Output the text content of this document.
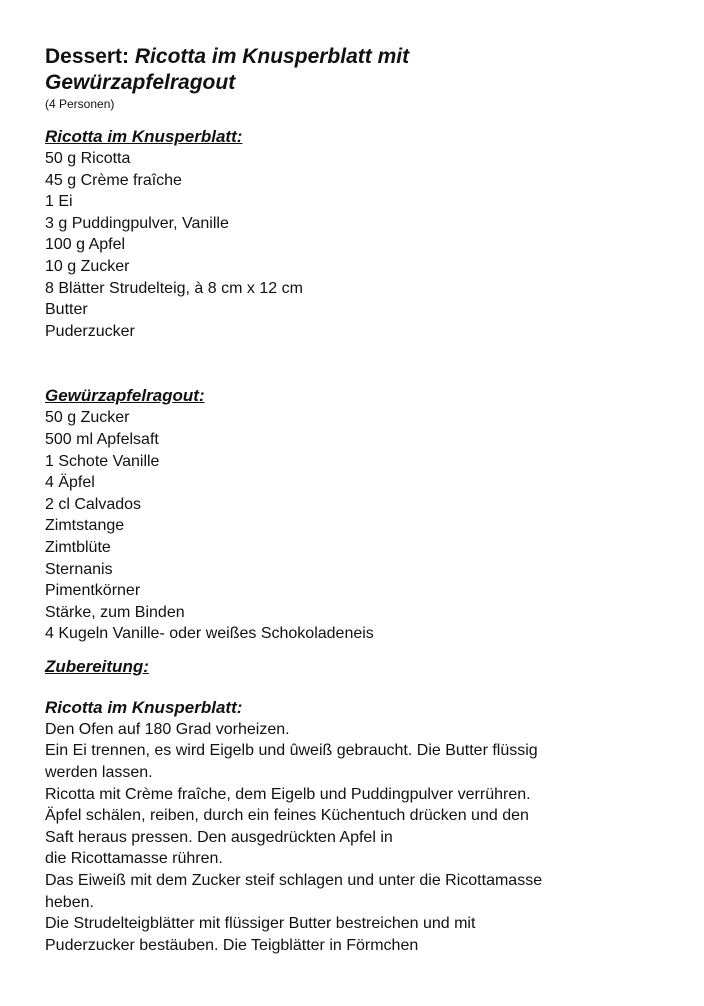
Dessert: Ricotta im Knusperblatt mit
Gewürzapfelragout
(4 Personen)
Ricotta im Knusperblatt:
50 g Ricotta
45 g Crème fraîche
1 Ei
3 g Puddingpulver, Vanille
100 g Apfel
10 g Zucker
8 Blätter Strudelteig, à 8 cm x 12 cm
Butter
Puderzucker
Gewürzapfelragout:
50 g Zucker
500 ml Apfelsaft
1 Schote Vanille
4 Äpfel
2 cl Calvados
Zimtstange
Zimtblüte
Sternanis
Pimentkörner
Stärke, zum Binden
4 Kugeln Vanille- oder weißes Schokoladeneis
Zubereitung:
Ricotta im Knusperblatt:

Den Ofen auf 180 Grad vorheizen.

Ein Ei trennen, es wird Eigelb und ûweiß gebraucht. Die Butter flüssig

werden lassen.

Ricotta mit Crème fraîche, dem Eigelb und Puddingpulver verrühren.

Äpfel schälen, reiben, durch ein feines Küchentuch drücken und den

Saft heraus pressen. Den ausgedrückten Apfel in

die Ricottamasse rühren.

Das Eiweiß mit dem Zucker steif schlagen und unter die Ricottamasse

heben.

Die Strudelteigblätter mit flüssiger Butter bestreichen und mit

Puderzucker bestäuben. Die Teigblätter in Förmchen
